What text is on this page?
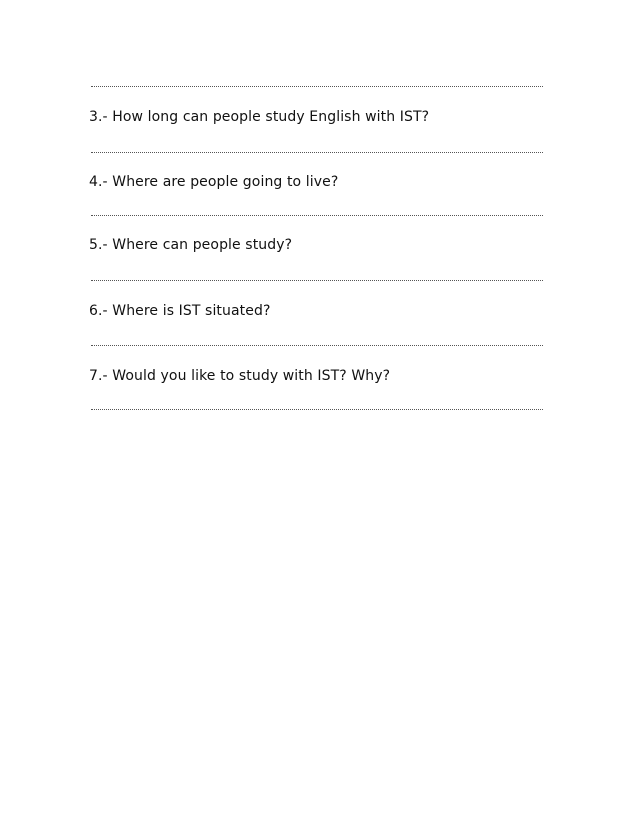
3.- How long can people study English with IST?

4.- Where are people going to live?

5.- Where can people study?

6.- Where is IST situated?

7.- Would you like to study with IST? Why?
